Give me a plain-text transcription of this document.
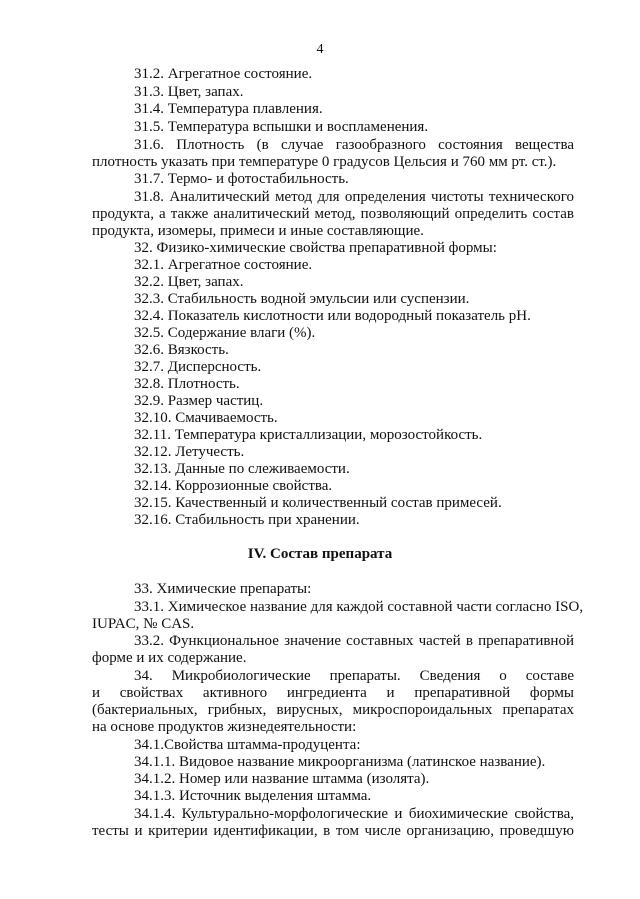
4
31.2. Агрегатное состояние.
31.3. Цвет, запах.
31.4. Температура плавления.
31.5. Температура вспышки и воспламенения.
31.6. Плотность (в случае газообразного состояния вещества
плотность указать при температуре 0 градусов Цельсия и 760 мм рт. ст.).
31.7. Термо- и фотостабильность.
31.8. Аналитический метод для определения чистоты технического
продукта, а также аналитический метод, позволяющий определить состав
продукта, изомеры, примеси и иные составляющие.
32. Физико-химические свойства препаративной формы:
32.1. Агрегатное состояние.
32.2. Цвет, запах.
32.3. Стабильность водной эмульсии или суспензии.
32.4. Показатель кислотности или водородный показатель pH.
32.5. Содержание влаги (%).
32.6. Вязкость.
32.7. Дисперсность.
32.8. Плотность.
32.9. Размер частиц.
32.10. Смачиваемость.
32.11. Температура кристаллизации, морозостойкость.
32.12. Летучесть.
32.13. Данные по слеживаемости.
32.14. Коррозионные свойства.
32.15. Качественный и количественный состав примесей.
32.16. Стабильность при хранении.
IV. Состав препарата
33. Химические препараты:
33.1. Химическое название для каждой составной части согласно ISO,
IUPAC, № CAS.
33.2. Функциональное значение составных частей в препаративной
форме и их содержание.
34. Микробиологические препараты. Сведения о составе
и свойствах активного ингредиента и препаративной формы
(бактериальных, грибных, вирусных, микроспороидальных препаратах
на основе продуктов жизнедеятельности:
34.1.Свойства штамма-продуцента:
34.1.1. Видовое название микроорганизма (латинское название).
34.1.2. Номер или название штамма (изолята).
34.1.3. Источник выделения штамма.
34.1.4. Культурально-морфологические и биохимические свойства,
тесты и критерии идентификации, в том числе организацию, проведшую
